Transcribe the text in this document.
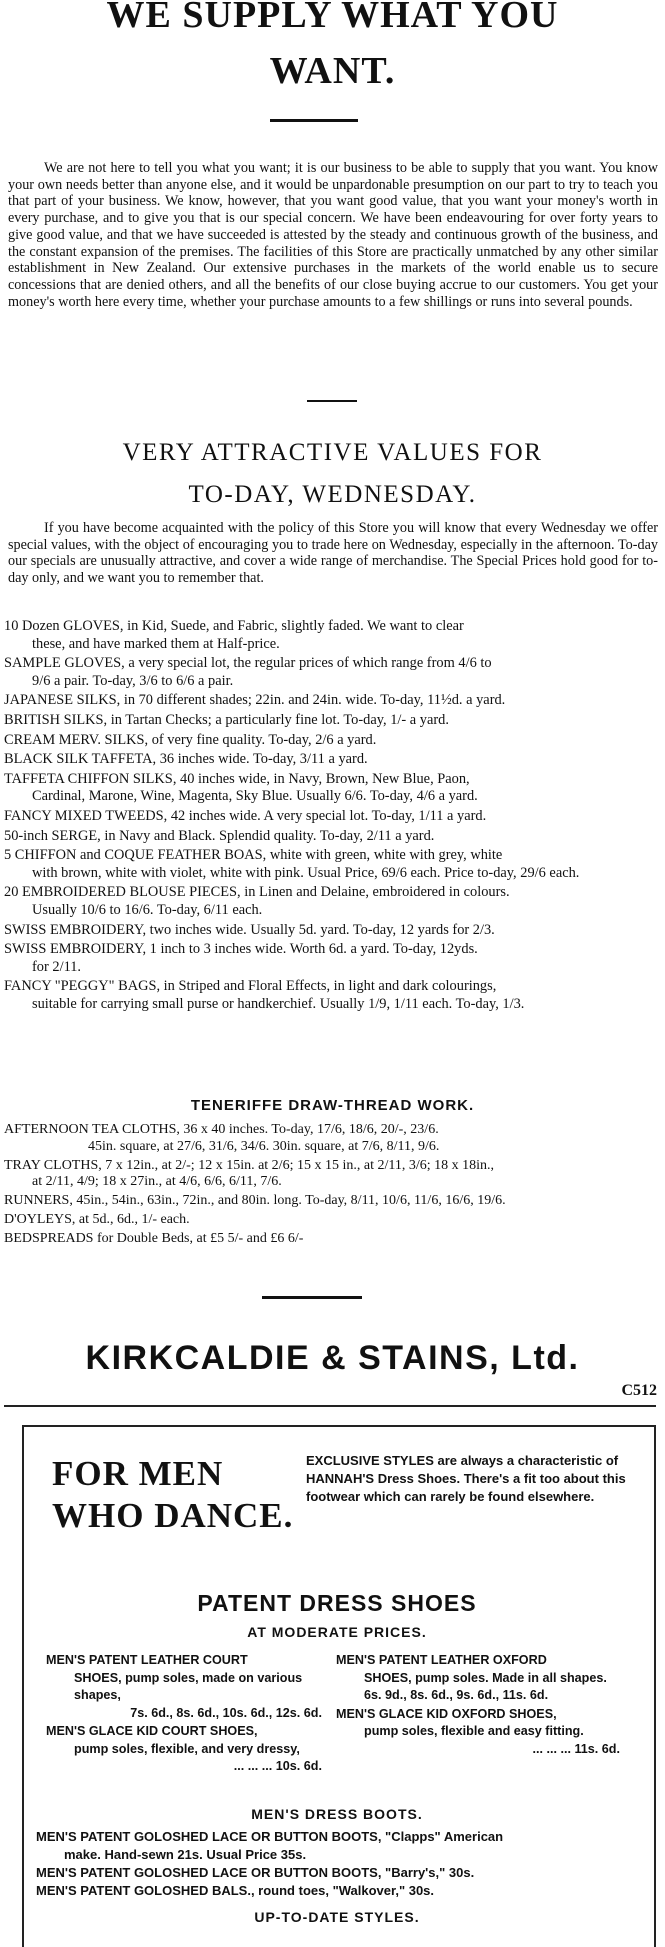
WE SUPPLY WHAT YOU
WANT.

We are not here to tell you what you want; it is our business to be able to supply that you want. You know your own needs better than anyone else, and it would be unpardonable presumption on our part to try to teach you that part of your business. We know, however, that you want good value, that you want your money's worth in every purchase, and to give you that is our special concern. We have been endeavouring for over forty years to give good value, and that we have succeeded is attested by the steady and continuous growth of the business, and the constant expansion of the premises. The facilities of this Store are practically unmatched by any other similar establishment in New Zealand. Our extensive purchases in the markets of the world enable us to secure concessions that are denied others, and all the benefits of our close buying accrue to our customers. You get your money's worth here every time, whether your purchase amounts to a few shillings or runs into several pounds.

VERY ATTRACTIVE VALUES FOR
TO-DAY, WEDNESDAY.

If you have become acquainted with the policy of this Store you will know that every Wednesday we offer special values, with the object of encouraging you to trade here on Wednesday, especially in the afternoon. To-day our specials are unusually attractive, and cover a wide range of merchandise. The Special Prices hold good for to-day only, and we want you to remember that.

10 Dozen GLOVES, in Kid, Suede, and Fabric, slightly faded. We want to clear
these, and have marked them at Half-price.
SAMPLE GLOVES, a very special lot, the regular prices of which range from 4/6 to
9/6 a pair. To-day, 3/6 to 6/6 a pair.
JAPANESE SILKS, in 70 different shades; 22in. and 24in. wide. To-day, 11½d. a yard.
BRITISH SILKS, in Tartan Checks; a particularly fine lot. To-day, 1/- a yard.
CREAM MERV. SILKS, of very fine quality. To-day, 2/6 a yard.
BLACK SILK TAFFETA, 36 inches wide. To-day, 3/11 a yard.
TAFFETA CHIFFON SILKS, 40 inches wide, in Navy, Brown, New Blue, Paon,
Cardinal, Marone, Wine, Magenta, Sky Blue. Usually 6/6. To-day, 4/6 a yard.
FANCY MIXED TWEEDS, 42 inches wide. A very special lot. To-day, 1/11 a yard.
50-inch SERGE, in Navy and Black. Splendid quality. To-day, 2/11 a yard.
5 CHIFFON and COQUE FEATHER BOAS, white with green, white with grey, white
with brown, white with violet, white with pink. Usual Price, 69/6 each. Price to-day, 29/6 each.
20 EMBROIDERED BLOUSE PIECES, in Linen and Delaine, embroidered in colours.
Usually 10/6 to 16/6. To-day, 6/11 each.
SWISS EMBROIDERY, two inches wide. Usually 5d. yard. To-day, 12 yards for 2/3.
SWISS EMBROIDERY, 1 inch to 3 inches wide. Worth 6d. a yard. To-day, 12yds.
for 2/11.
FANCY "PEGGY" BAGS, in Striped and Floral Effects, in light and dark colourings,
suitable for carrying small purse or handkerchief. Usually 1/9, 1/11 each. To-day, 1/3.
TENERIFFE DRAW-THREAD WORK.
AFTERNOON TEA CLOTHS, 36 x 40 inches. To-day, 17/6, 18/6, 20/-, 23/6.
45in. square, at 27/6, 31/6, 34/6. 30in. square, at 7/6, 8/11, 9/6.
TRAY CLOTHS, 7 x 12in., at 2/-; 12 x 15in. at 2/6; 15 x 15 in., at 2/11, 3/6; 18 x 18in.,
at 2/11, 4/9; 18 x 27in., at 4/6, 6/6, 6/11, 7/6.
RUNNERS, 45in., 54in., 63in., 72in., and 80in. long. To-day, 8/11, 10/6, 11/6, 16/6, 19/6.
D'OYLEYS, at 5d., 6d., 1/- each.
BEDSPREADS for Double Beds, at £5 5/- and £6 6/-
KIRKCALDIE & STAINS, Ltd.
C512
FOR MEN
WHO DANCE.
EXCLUSIVE STYLES are always a characteristic of HANNAH'S Dress Shoes. There's a fit too about this footwear which can rarely be found elsewhere.
PATENT DRESS SHOES
AT MODERATE PRICES.
MEN'S PATENT LEATHER COURT
SHOES, pump soles, made on various shapes,
7s. 6d., 8s. 6d., 10s. 6d., 12s. 6d.
MEN'S GLACE KID COURT SHOES,
pump soles, flexible, and very dressy,
... ... ... 10s. 6d.
MEN'S PATENT LEATHER OXFORD
SHOES, pump soles. Made in all shapes. 6s. 9d., 8s. 6d., 9s. 6d., 11s. 6d.
MEN'S GLACE KID OXFORD SHOES,
pump soles, flexible and easy fitting.
... ... ... 11s. 6d.
MEN'S DRESS BOOTS.
MEN'S PATENT GOLOSHED LACE OR BUTTON BOOTS, "Clapps" American
make. Hand-sewn 21s. Usual Price 35s.
MEN'S PATENT GOLOSHED LACE OR BUTTON BOOTS, "Barry's," 30s.
MEN'S PATENT GOLOSHED BALS., round toes, "Walkover," 30s.
UP-TO-DATE STYLES.
